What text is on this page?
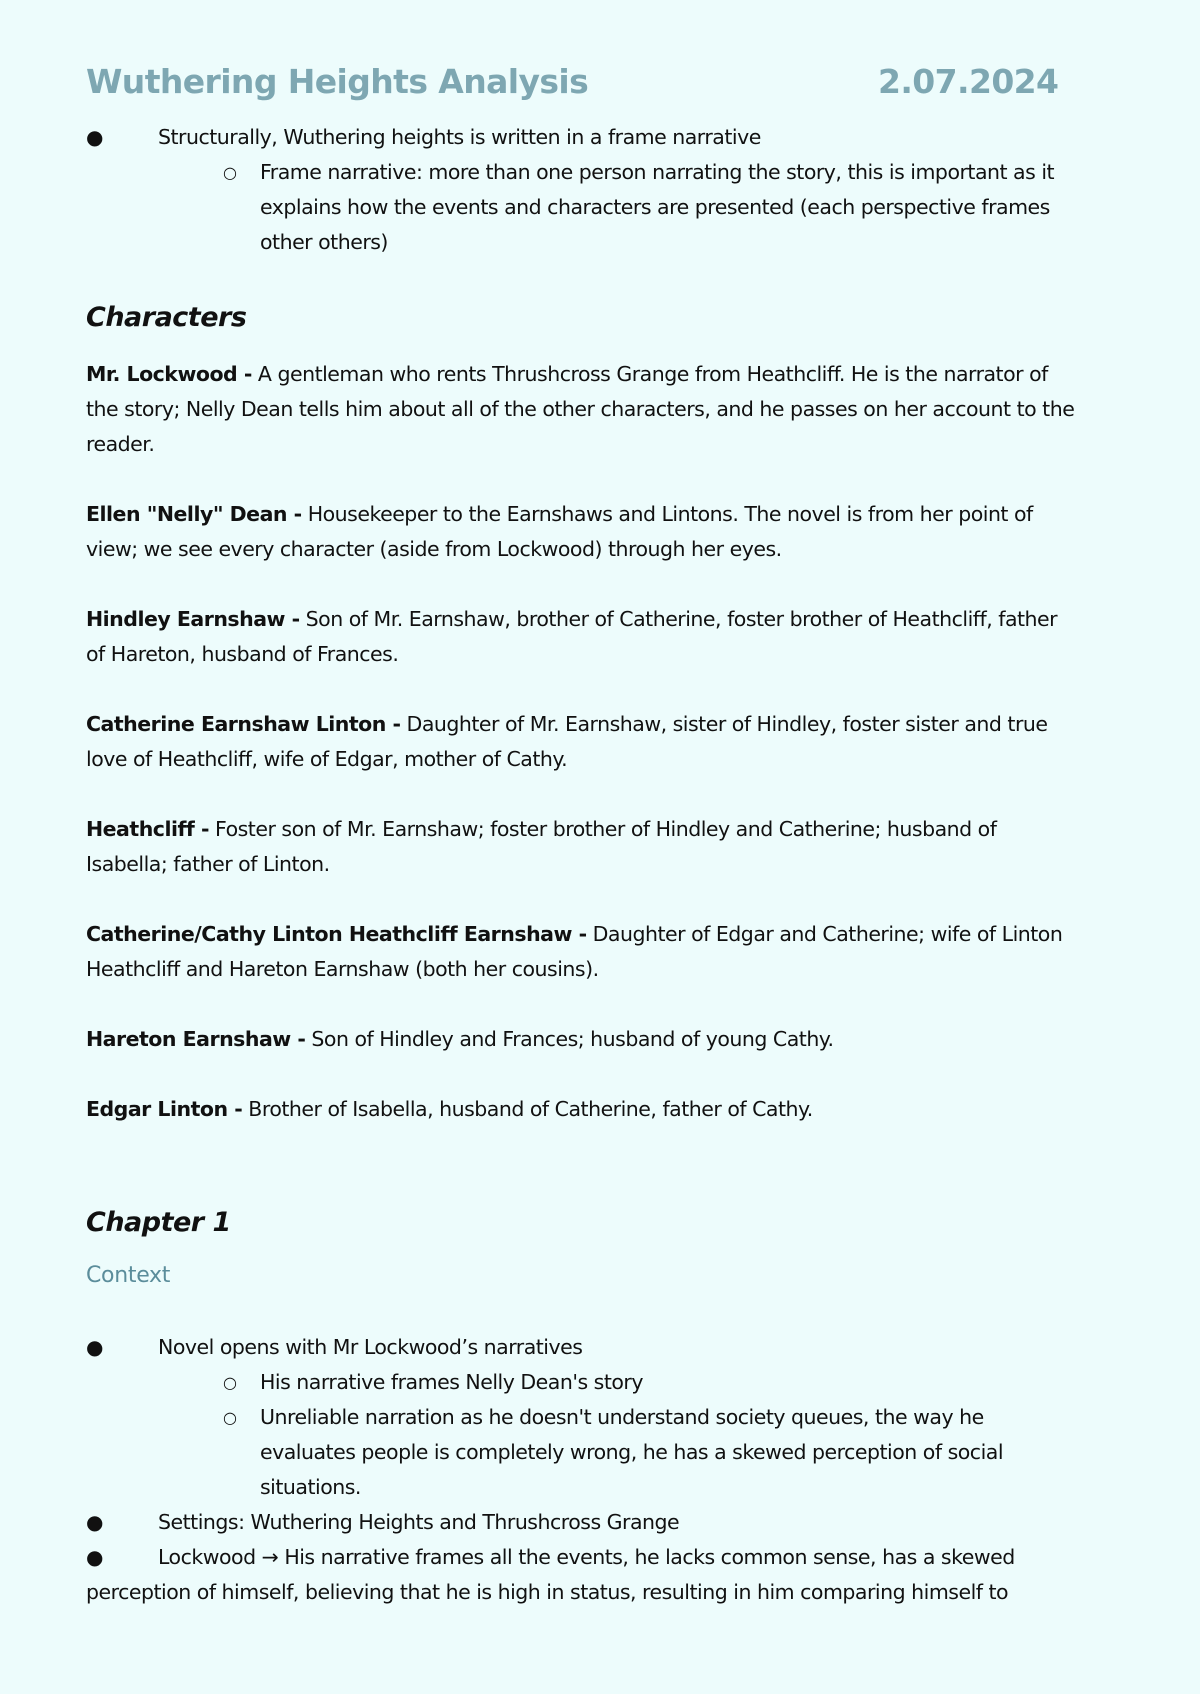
Wuthering Heights Analysis	2.07.2024
●	Structurally, Wuthering heights is written in a frame narrative
○ Frame narrative: more than one person narrating the story, this is important as it
explains how the events and characters are presented (each perspective frames
other others)
Characters
Mr. Lockwood - A gentleman who rents Thrushcross Grange from Heathcliff. He is the narrator of
the story; Nelly Dean tells him about all of the other characters, and he passes on her account to the
reader.
Ellen "Nelly" Dean - Housekeeper to the Earnshaws and Lintons. The novel is from her point of
view; we see every character (aside from Lockwood) through her eyes.
Hindley Earnshaw - Son of Mr. Earnshaw, brother of Catherine, foster brother of Heathcliff, father
of Hareton, husband of Frances.
Catherine Earnshaw Linton - Daughter of Mr. Earnshaw, sister of Hindley, foster sister and true
love of Heathcliff, wife of Edgar, mother of Cathy.
Heathcliff - Foster son of Mr. Earnshaw; foster brother of Hindley and Catherine; husband of
Isabella; father of Linton.
Catherine/Cathy Linton Heathcliff Earnshaw - Daughter of Edgar and Catherine; wife of Linton
Heathcliff and Hareton Earnshaw (both her cousins).
Hareton Earnshaw - Son of Hindley and Frances; husband of young Cathy.
Edgar Linton - Brother of Isabella, husband of Catherine, father of Cathy.
Chapter 1
Context
●	Novel opens with Mr Lockwood’s narratives
○ His narrative frames Nelly Dean's story
○ Unreliable narration as he doesn't understand society queues, the way he
evaluates people is completely wrong, he has a skewed perception of social
situations.
●	Settings: Wuthering Heights and Thrushcross Grange
●	Lockwood → His narrative frames all the events, he lacks common sense, has a skewed
perception of himself, believing that he is high in status, resulting in him comparing himself to
